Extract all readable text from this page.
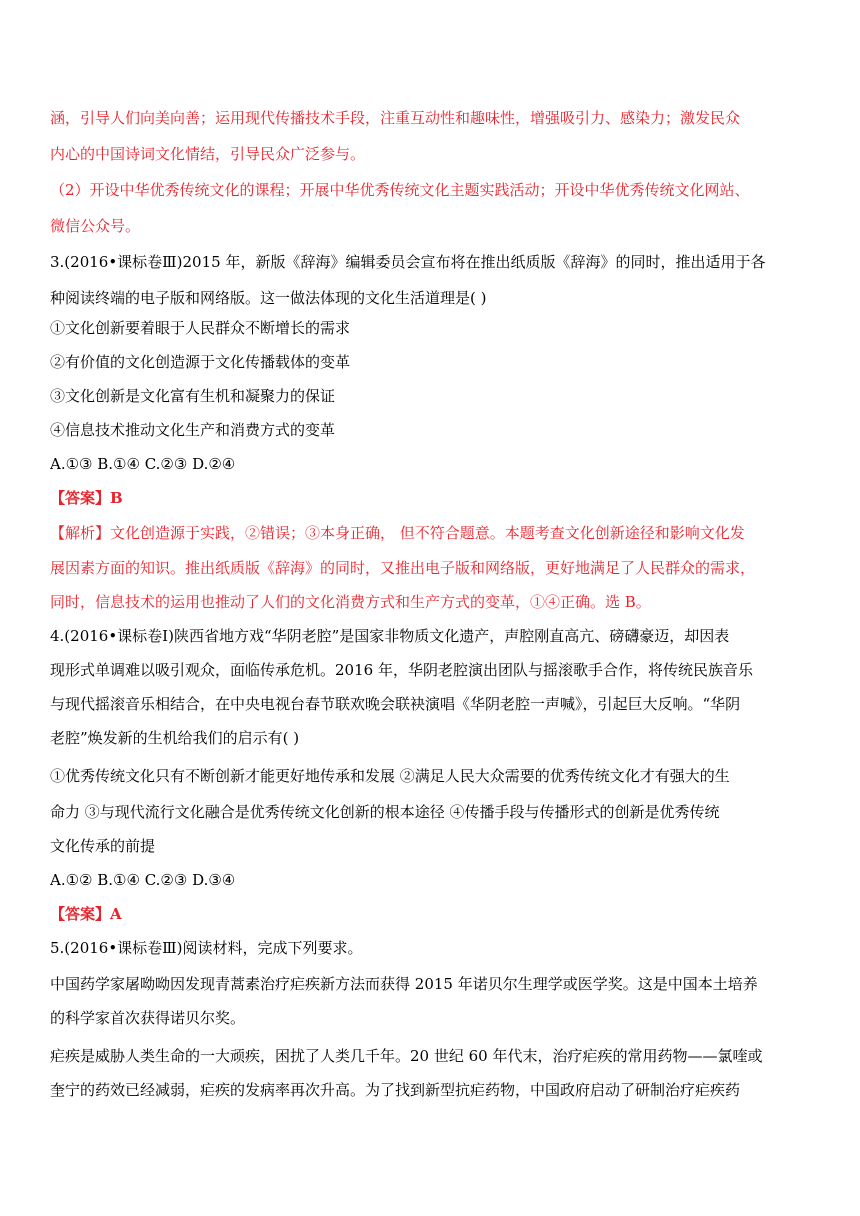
涵，引导人们向美向善；运用现代传播技术手段，注重互动性和趣味性，增强吸引力、感染力；激发民众
内心的中国诗词文化情结，引导民众广泛参与。
（2）开设中华优秀传统文化的课程；开展中华优秀传统文化主题实践活动；开设中华优秀传统文化网站、
微信公众号。
3.(2016•课标卷Ⅲ)2015 年，新版《辞海》编辑委员会宣布将在推出纸质版《辞海》的同时，推出适用于各
种阅读终端的电子版和网络版。这一做法体现的文化生活道理是( )
①文化创新要着眼于人民群众不断增长的需求
②有价值的文化创造源于文化传播载体的变革
③文化创新是文化富有生机和凝聚力的保证
④信息技术推动文化生产和消费方式的变革
A.①③ B.①④ C.②③ D.②④
【答案】B
【解析】文化创造源于实践，②错误；③本身正确， 但不符合题意。本题考查文化创新途径和影响文化发
展因素方面的知识。推出纸质版《辞海》的同时，又推出电子版和网络版，更好地满足了人民群众的需求，
同时，信息技术的运用也推动了人们的文化消费方式和生产方式的变革，①④正确。选 B。
4.(2016•课标卷Ⅰ)陕西省地方戏“华阴老腔”是国家非物质文化遗产，声腔刚直高亢、磅礴豪迈，却因表
现形式单调难以吸引观众，面临传承危机。2016 年，华阴老腔演出团队与摇滚歌手合作，将传统民族音乐
与现代摇滚音乐相结合，在中央电视台春节联欢晚会联袂演唱《华阴老腔一声喊》，引起巨大反响。“华阴
老腔”焕发新的生机给我们的启示有( )
①优秀传统文化只有不断创新才能更好地传承和发展 ②满足人民大众需要的优秀传统文化才有强大的生
命力 ③与现代流行文化融合是优秀传统文化创新的根本途径 ④传播手段与传播形式的创新是优秀传统
文化传承的前提
A.①② B.①④ C.②③ D.③④
【答案】A
5.(2016•课标卷Ⅲ)阅读材料，完成下列要求。
中国药学家屠呦呦因发现青蒿素治疗疟疾新方法而获得 2015 年诺贝尔生理学或医学奖。这是中国本土培养
的科学家首次获得诺贝尔奖。
疟疾是威胁人类生命的一大顽疾，困扰了人类几千年。20 世纪 60 年代末，治疗疟疾的常用药物——氯喹或
奎宁的药效已经减弱，疟疾的发病率再次升高。为了找到新型抗疟药物，中国政府启动了研制治疗疟疾药
